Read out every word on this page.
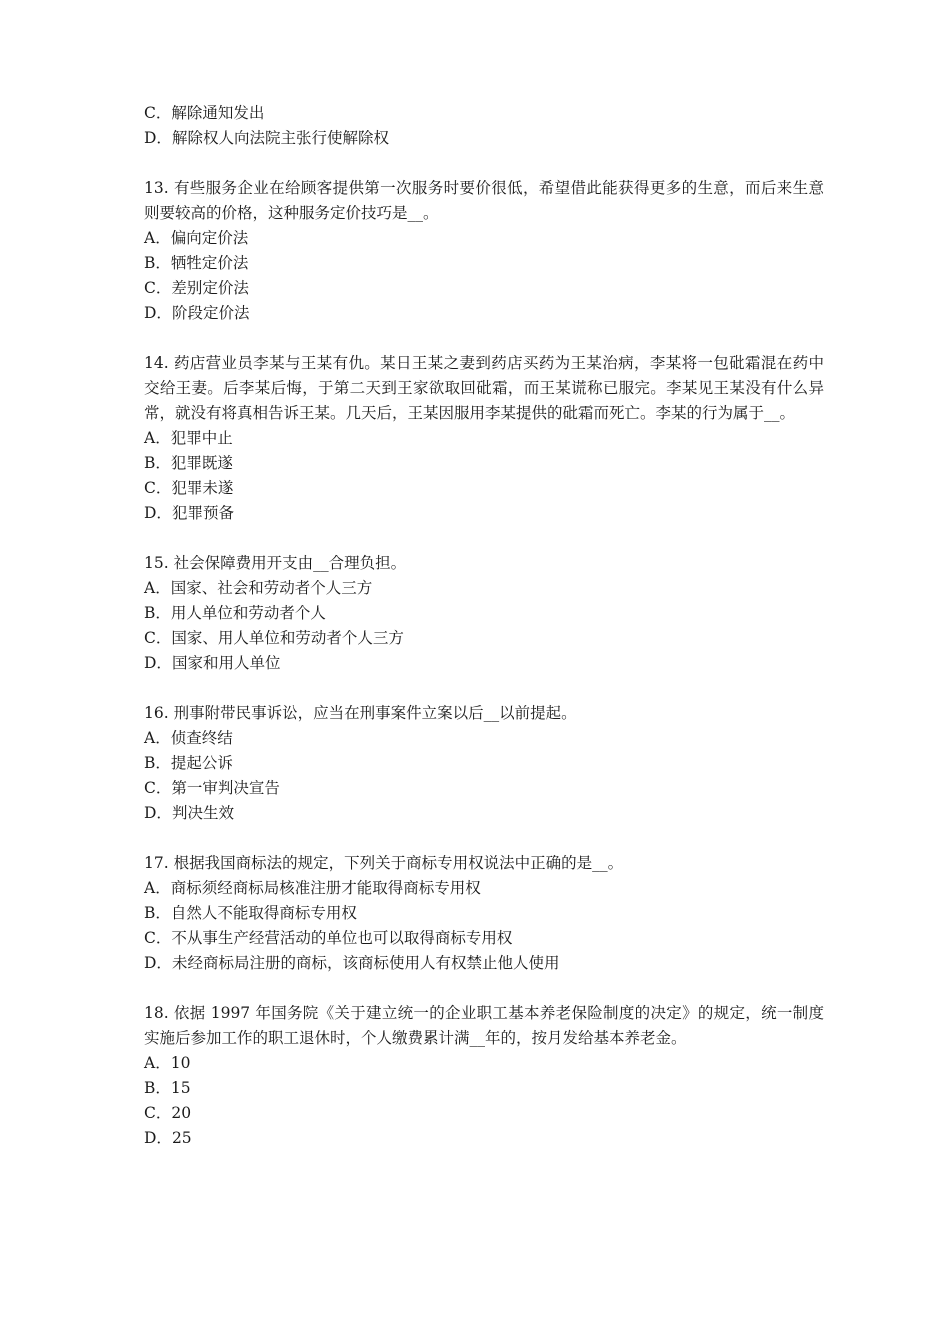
C．解除通知发出
D．解除权人向法院主张行使解除权
13. 有些服务企业在给顾客提供第一次服务时要价很低，希望借此能获得更多的生意，而后来生意则要较高的价格，这种服务定价技巧是__。
A．偏向定价法
B．牺牲定价法
C．差别定价法
D．阶段定价法
14. 药店营业员李某与王某有仇。某日王某之妻到药店买药为王某治病，李某将一包砒霜混在药中交给王妻。后李某后悔，于第二天到王家欲取回砒霜，而王某谎称已服完。李某见王某没有什么异常，就没有将真相告诉王某。几天后，王某因服用李某提供的砒霜而死亡。李某的行为属于__。
A．犯罪中止
B．犯罪既遂
C．犯罪未遂
D．犯罪预备
15. 社会保障费用开支由__合理负担。
A．国家、社会和劳动者个人三方
B．用人单位和劳动者个人
C．国家、用人单位和劳动者个人三方
D．国家和用人单位
16. 刑事附带民事诉讼，应当在刑事案件立案以后__以前提起。
A．侦查终结
B．提起公诉
C．第一审判决宣告
D．判决生效
17. 根据我国商标法的规定，下列关于商标专用权说法中正确的是__。
A．商标须经商标局核准注册才能取得商标专用权
B．自然人不能取得商标专用权
C．不从事生产经营活动的单位也可以取得商标专用权
D．未经商标局注册的商标，该商标使用人有权禁止他人使用
18. 依据 1997 年国务院《关于建立统一的企业职工基本养老保险制度的决定》的规定，统一制度实施后参加工作的职工退休时，个人缴费累计满__年的，按月发给基本养老金。
A．10
B．15
C．20
D．25
